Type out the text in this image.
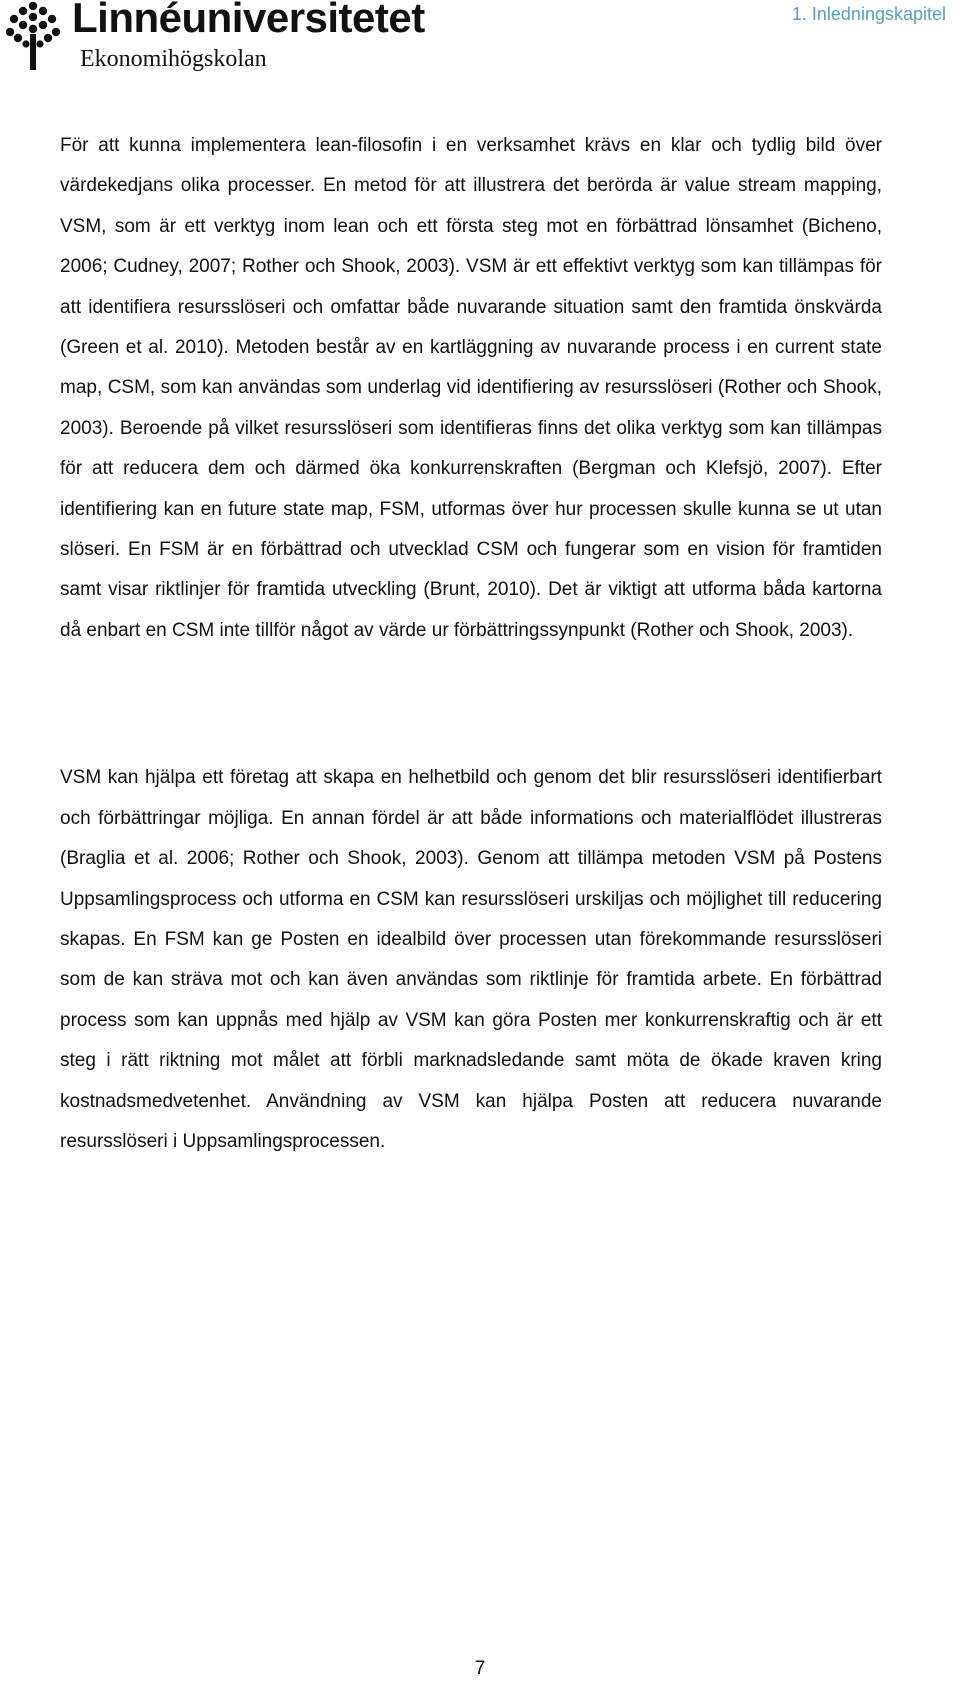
Linnéuniversitetet
Ekonomihögskolan
1. Inledningskapitel

För att kunna implementera lean-filosofin i en verksamhet krävs en klar och tydlig bild över värdekedjans olika processer. En metod för att illustrera det berörda är value stream mapping, VSM, som är ett verktyg inom lean och ett första steg mot en förbättrad lönsamhet (Bicheno, 2006; Cudney, 2007; Rother och Shook, 2003). VSM är ett effektivt verktyg som kan tillämpas för att identifiera resursslöseri och omfattar både nuvarande situation samt den framtida önskvärda (Green et al. 2010). Metoden består av en kartläggning av nuvarande process i en current state map, CSM, som kan användas som underlag vid identifiering av resursslöseri (Rother och Shook, 2003). Beroende på vilket resursslöseri som identifieras finns det olika verktyg som kan tillämpas för att reducera dem och därmed öka konkurrenskraften (Bergman och Klefsjö, 2007). Efter identifiering kan en future state map, FSM, utformas över hur processen skulle kunna se ut utan slöseri. En FSM är en förbättrad och utvecklad CSM och fungerar som en vision för framtiden samt visar riktlinjer för framtida utveckling (Brunt, 2010). Det är viktigt att utforma båda kartorna då enbart en CSM inte tillför något av värde ur förbättringssynpunkt (Rother och Shook, 2003).

VSM kan hjälpa ett företag att skapa en helhetbild och genom det blir resursslöseri identifierbart och förbättringar möjliga. En annan fördel är att både informations och materialflödet illustreras (Braglia et al. 2006; Rother och Shook, 2003). Genom att tillämpa metoden VSM på Postens Uppsamlingsprocess och utforma en CSM kan resursslöseri urskiljas och möjlighet till reducering skapas. En FSM kan ge Posten en idealbild över processen utan förekommande resursslöseri som de kan sträva mot och kan även användas som riktlinje för framtida arbete. En förbättrad process som kan uppnås med hjälp av VSM kan göra Posten mer konkurrenskraftig och är ett steg i rätt riktning mot målet att förbli marknadsledande samt möta de ökade kraven kring kostnadsmedvetenhet. Användning av VSM kan hjälpa Posten att reducera nuvarande resursslöseri i Uppsamlingsprocessen.

7
